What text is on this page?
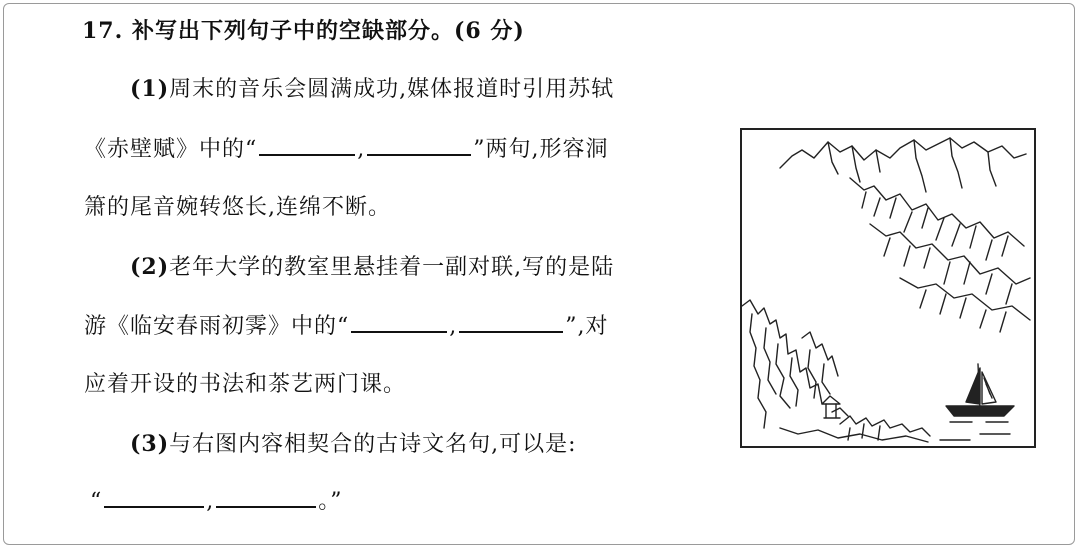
17. 补写出下列句子中的空缺部分。(6 分)
(1)周末的音乐会圆满成功,媒体报道时引用苏轼
《赤壁赋》中的“	,	”两句,形容洞
箫的尾音婉转悠长,连绵不断。
(2)老年大学的教室里悬挂着一副对联,写的是陆
游《临安春雨初霁》中的“	,	”,对
应着开设的书法和茶艺两门课。
(3)与右图内容相契合的古诗文名句,可以是:
“	,	。”
